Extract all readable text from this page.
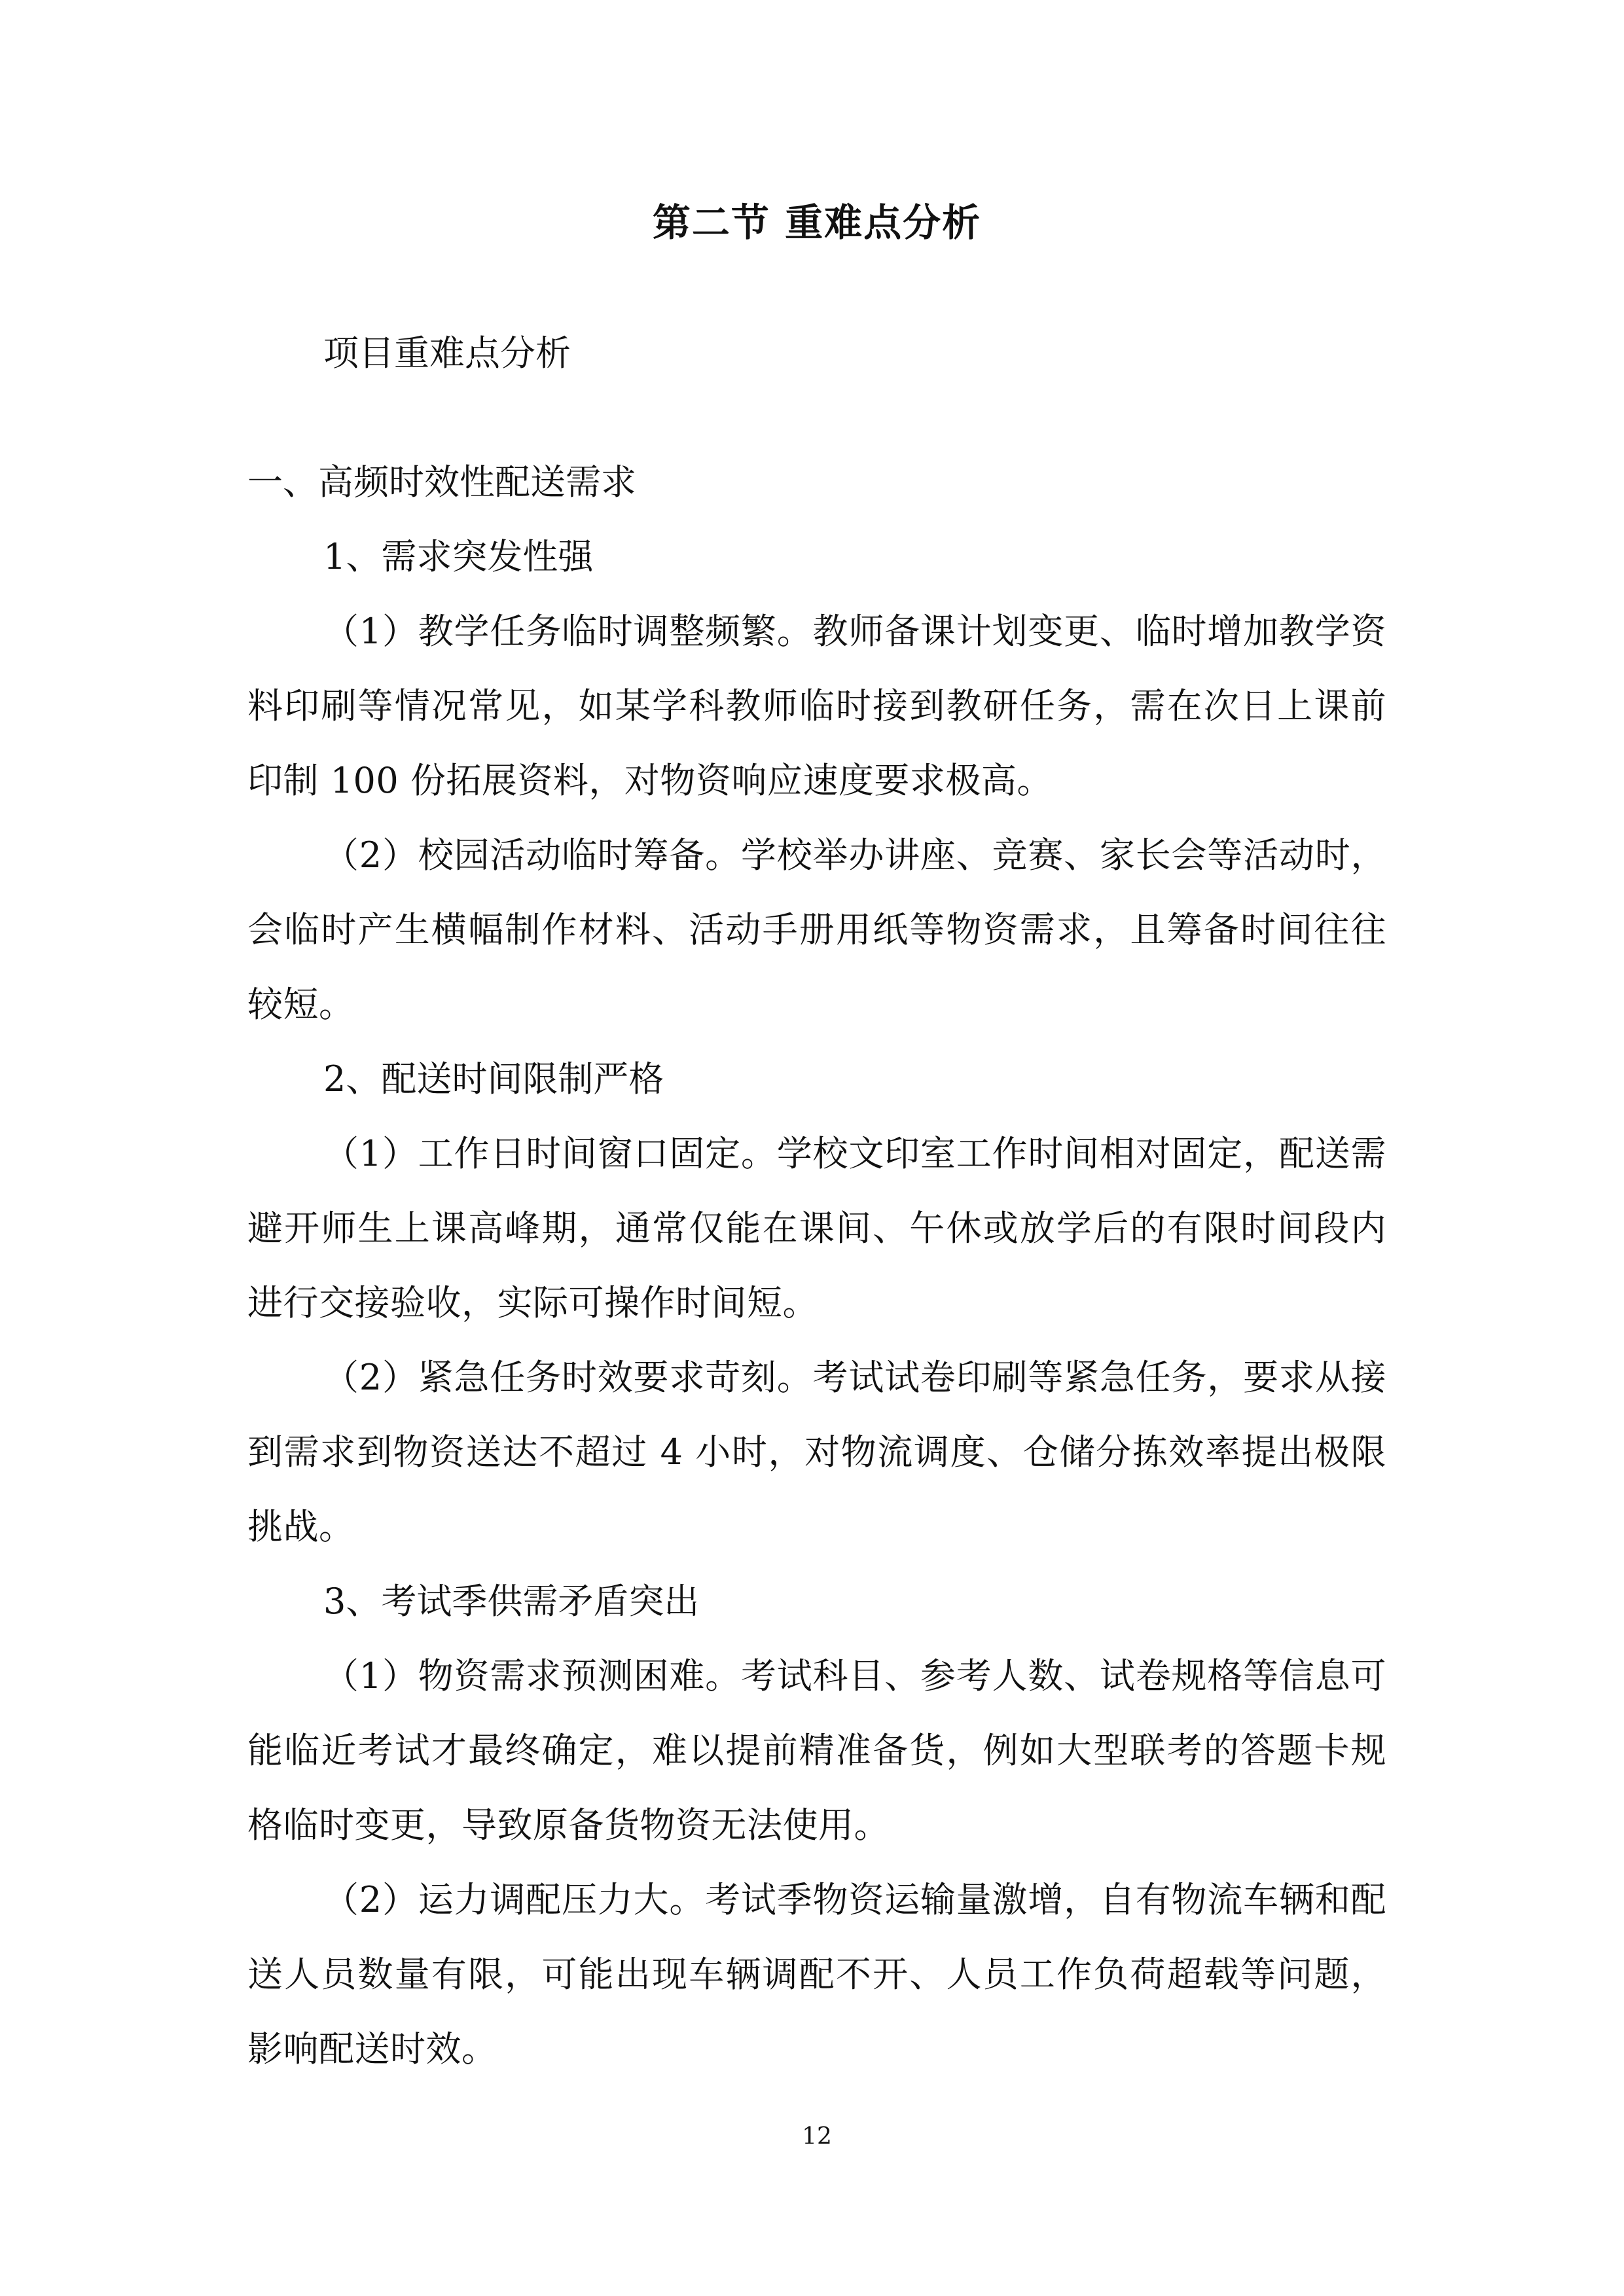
第二节 重难点分析
项目重难点分析
一、高频时效性配送需求
1、需求突发性强
（1）教学任务临时调整频繁。教师备课计划变更、临时增加教学资料印刷等情况常见，如某学科教师临时接到教研任务，需在次日上课前印制 100 份拓展资料，对物资响应速度要求极高。
（2）校园活动临时筹备。学校举办讲座、竞赛、家长会等活动时，会临时产生横幅制作材料、活动手册用纸等物资需求，且筹备时间往往较短。
2、配送时间限制严格
（1）工作日时间窗口固定。学校文印室工作时间相对固定，配送需避开师生上课高峰期，通常仅能在课间、午休或放学后的有限时间段内进行交接验收，实际可操作时间短。
（2）紧急任务时效要求苛刻。考试试卷印刷等紧急任务，要求从接到需求到物资送达不超过 4 小时，对物流调度、仓储分拣效率提出极限挑战。
3、考试季供需矛盾突出
（1）物资需求预测困难。考试科目、参考人数、试卷规格等信息可能临近考试才最终确定，难以提前精准备货，例如大型联考的答题卡规格临时变更，导致原备货物资无法使用。
（2）运力调配压力大。考试季物资运输量激增，自有物流车辆和配送人员数量有限，可能出现车辆调配不开、人员工作负荷超载等问题，影响配送时效。
12
